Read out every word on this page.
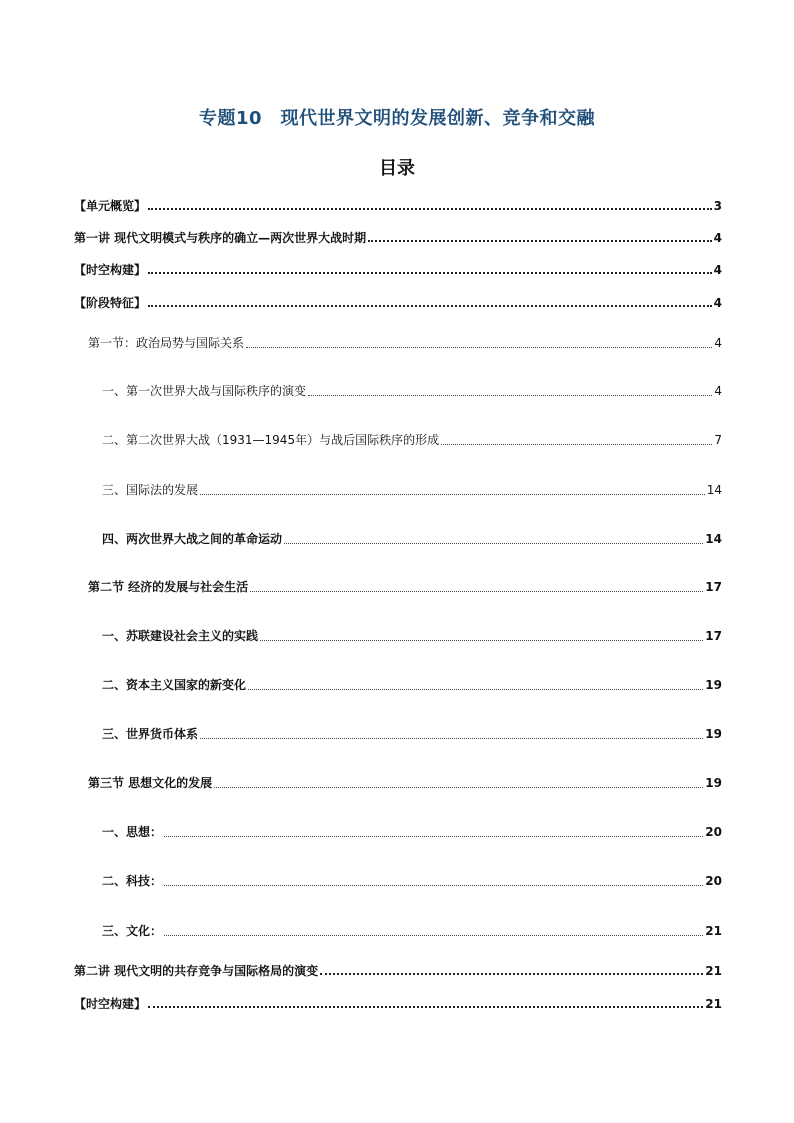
专题10　现代世界文明的发展创新、竞争和交融
目录
【单元概览】	3
第一讲 现代文明模式与秩序的确立—两次世界大战时期	4
【时空构建】	4
【阶段特征】	4
第一节：政治局势与国际关系	4
一、第一次世界大战与国际秩序的演变	4
二、第二次世界大战（1931—1945年）与战后国际秩序的形成	7
三、国际法的发展	14
四、两次世界大战之间的革命运动	14
第二节 经济的发展与社会生活	17
一、苏联建设社会主义的实践	17
二、资本主义国家的新变化	19
三、世界货币体系	19
第三节 思想文化的发展	19
一、思想：	20
二、科技：	20
三、文化：	21
第二讲 现代文明的共存竞争与国际格局的演变	21
【时空构建】	21
